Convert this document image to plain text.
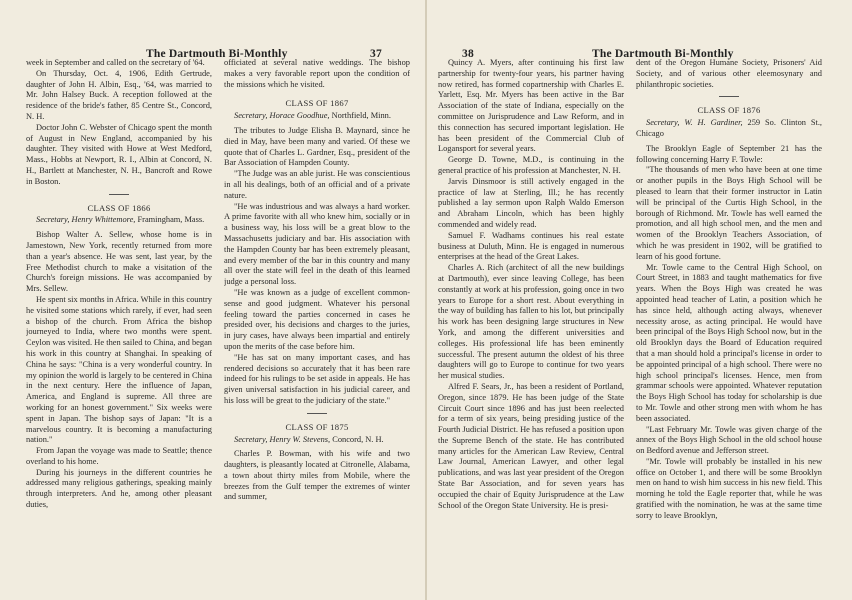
The Dartmouth Bi-Monthly	37

week in September and called on the secretary of '64.

On Thursday, Oct. 4, 1906, Edith Gertrude, daughter of John H. Albin, Esq., '64, was married to Mr. John Halsey Buck. A reception followed at the residence of the bride's father, 85 Centre St., Concord, N. H.

Doctor John C. Webster of Chicago spent the month of August in New England, accompanied by his daughter. They visited with Howe at West Medford, Mass., Hobbs at Newport, R. I., Albin at Concord, N. H., Bartlett at Manchester, N. H., Bancroft and Rowe in Boston.

CLASS OF 1866
Secretary, Henry Whittemore, Framingham, Mass.

Bishop Walter A. Sellew, whose home is in Jamestown, New York, recently returned from more than a year's absence. He was sent, last year, by the Free Methodist church to make a visitation of the Church's foreign missions. He was accompanied by Mrs. Sellew.

He spent six months in Africa. While in this country he visited some stations which rarely, if ever, had seen a bishop of the church. From Africa the bishop journeyed to India, where two months were spent. Ceylon was visited. He then sailed to China, and began his work in this country at Shanghai. In speaking of China he says: "China is a very wonderful country. In my opinion the world is largely to be centered in China in the next century. Here the influence of Japan, America, and England is supreme. All three are working for an honest government." Six weeks were spent in Japan. The bishop says of Japan: "It is a marvelous country. It is becoming a manufacturing nation."

From Japan the voyage was made to Seattle; thence overland to his home.

During his journeys in the different countries he addressed many religious gatherings, speaking mainly through interpreters. And he, among other pleasant duties,

officiated at several native weddings. The bishop makes a very favorable report upon the condition of the missions which he visited.

CLASS OF 1867
Secretary, Horace Goodhue, Northfield, Minn.

The tributes to Judge Elisha B. Maynard, since he died in May, have been many and varied. Of these we quote that of Charles L. Gardner, Esq., president of the Bar Association of Hampden County.

"The Judge was an able jurist. He was conscientious in all his dealings, both of an official and of a private nature.

"He was industrious and was always a hard worker. A prime favorite with all who knew him, socially or in a business way, his loss will be a great blow to the Massachusetts judiciary and bar. His association with the Hampden County bar has been extremely pleasant, and every member of the bar in this country and many all over the state will feel in the death of this learned judge a personal loss.

"He was known as a judge of excellent common-sense and good judgment. Whatever his personal feeling toward the parties concerned in cases he presided over, his decisions and charges to the juries, in jury cases, have always been impartial and entirely upon the merits of the case before him.

"He has sat on many important cases, and has rendered decisions so accurately that it has been rare indeed for his rulings to be set aside in appeals. He has given universal satisfaction in his judicial career, and his loss will be great to the judiciary of the state."

CLASS OF 1875
Secretary, Henry W. Stevens, Concord, N. H.

Charles P. Bowman, with his wife and two daughters, is pleasantly located at Citronelle, Alabama, a town about thirty miles from Mobile, where the breezes from the Gulf temper the extremes of winter and summer,

38	The Dartmouth Bi-Monthly

Quincy A. Myers, after continuing his first law partnership for twenty-four years, his partner having now retired, has formed copartnership with Charles E. Yarlett, Esq. Mr. Myers has been active in the Bar Association of the state of Indiana, especially on the committee on Jurisprudence and Law Reform, and in this connection has secured important legislation. He has been president of the Commercial Club of Logansport for several years.

George D. Towne, M.D., is continuing in the general practice of his profession at Manchester, N. H.

Jarvis Dinsmoor is still actively engaged in the practice of law at Sterling, Ill.; he has recently published a lay sermon upon Ralph Waldo Emerson and Abraham Lincoln, which has been highly commended and widely read.

Samuel F. Wadhams continues his real estate business at Duluth, Minn. He is engaged in numerous enterprises at the head of the Great Lakes.

Charles A. Rich (architect of all the new buildings at Dartmouth), ever since leaving College, has been constantly at work at his profession, going once in two years to Europe for a short rest. About everything in the way of building has fallen to his lot, but principally his work has been designing large structures in New York, and among the different universities and colleges. His professional life has been eminently successful. The present autumn the oldest of his three daughters will go to Europe to continue for two years her musical studies.

Alfred F. Sears, Jr., has been a resident of Portland, Oregon, since 1879. He has been judge of the State Circuit Court since 1896 and has just been reelected for a term of six years, being presiding justice of the Fourth Judicial District. He has refused a position upon the Supreme Bench of the state. He has contributed many articles for the American Law Review, Central Law Journal, American Lawyer, and other legal publications, and was last year president of the Oregon State Bar Association, and for seven years has occupied the chair of Equity Jurisprudence at the Law School of the Oregon State University. He is presi-

dent of the Oregon Humane Society, Prisoners' Aid Society, and of various other eleemosynary and philanthropic societies.

CLASS OF 1876
Secretary, W. H. Gardiner, 259 So. Clinton St., Chicago

The Brooklyn Eagle of September 21 has the following concerning Harry F. Towle:

"The thousands of men who have been at one time or another pupils in the Boys High School will be pleased to learn that their former instructor in Latin will be principal of the Curtis High School, in the borough of Richmond. Mr. Towle has well earned the promotion, and all high school men, and the men and women of the Brooklyn Teachers Association, of which he was president in 1902, will be gratified to learn of his good fortune.

Mr. Towle came to the Central High School, on Court Street, in 1883 and taught mathematics for five years. When the Boys High was created he was appointed head teacher of Latin, a position which he has since held, although acting always, whenever necessity arose, as acting principal. He would have been principal of the Boys High School now, but in the old Brooklyn days the Board of Education required that a man should hold a principal's license in order to be appointed principal of a high school. There were no high school principal's licenses. Hence, men from grammar schools were appointed. Whatever reputation the Boys High School has today for scholarship is due to Mr. Towle and other strong men with whom he has been associated.

"Last February Mr. Towle was given charge of the annex of the Boys High School in the old school house on Bedford avenue and Jefferson street.

"Mr. Towle will probably be installed in his new office on October 1, and there will be some Brooklyn men on hand to wish him success in his new field. This morning he told the Eagle reporter that, while he was gratified with the nomination, he was at the same time sorry to leave Brooklyn,
